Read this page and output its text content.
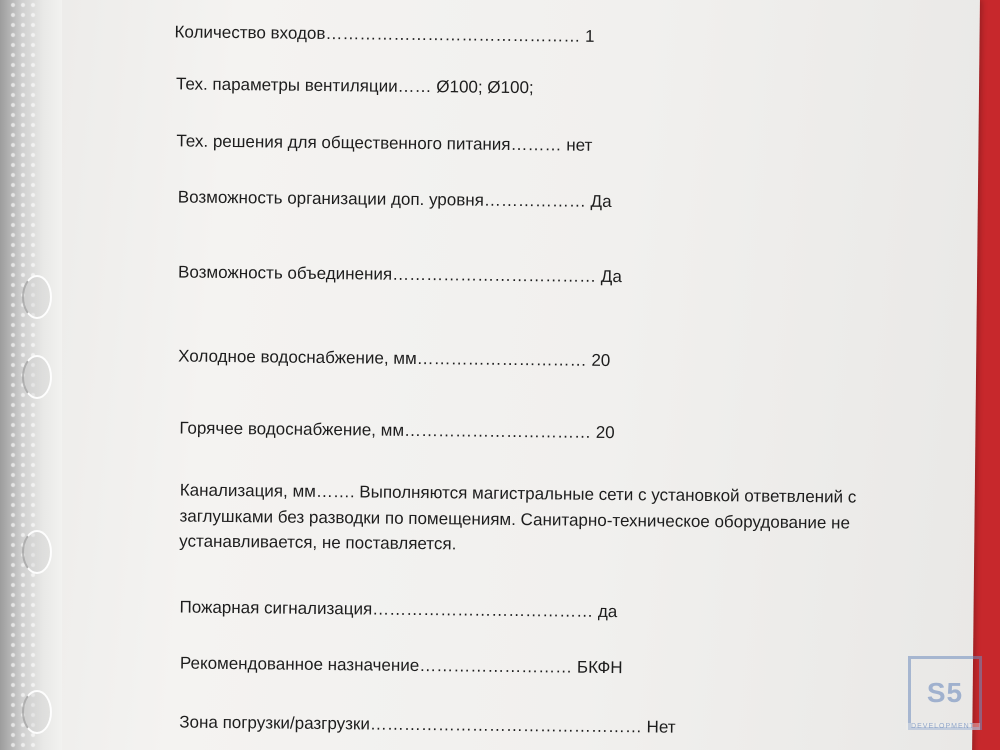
Количество входов……………………………………… 1
Тех. параметры вентиляции…… Ø100; Ø100;
Тех. решения для общественного питания……… нет
Возможность организации доп. уровня……………… Да
Возможность объединения……………………………… Да
Холодное водоснабжение, мм………………………… 20
Горячее водоснабжение, мм…………………………… 20
Канализация, мм……. Выполняются магистральные сети с установкой ответвлений с заглушками без разводки по помещениям. Санитарно-техническое оборудование не устанавливается, не поставляется.
Пожарная сигнализация………………………………… да
Рекомендованное назначение……………………… БКФН
Зона погрузки/разгрузки………………………………………… Нет
S5
DEVELOPMENT
